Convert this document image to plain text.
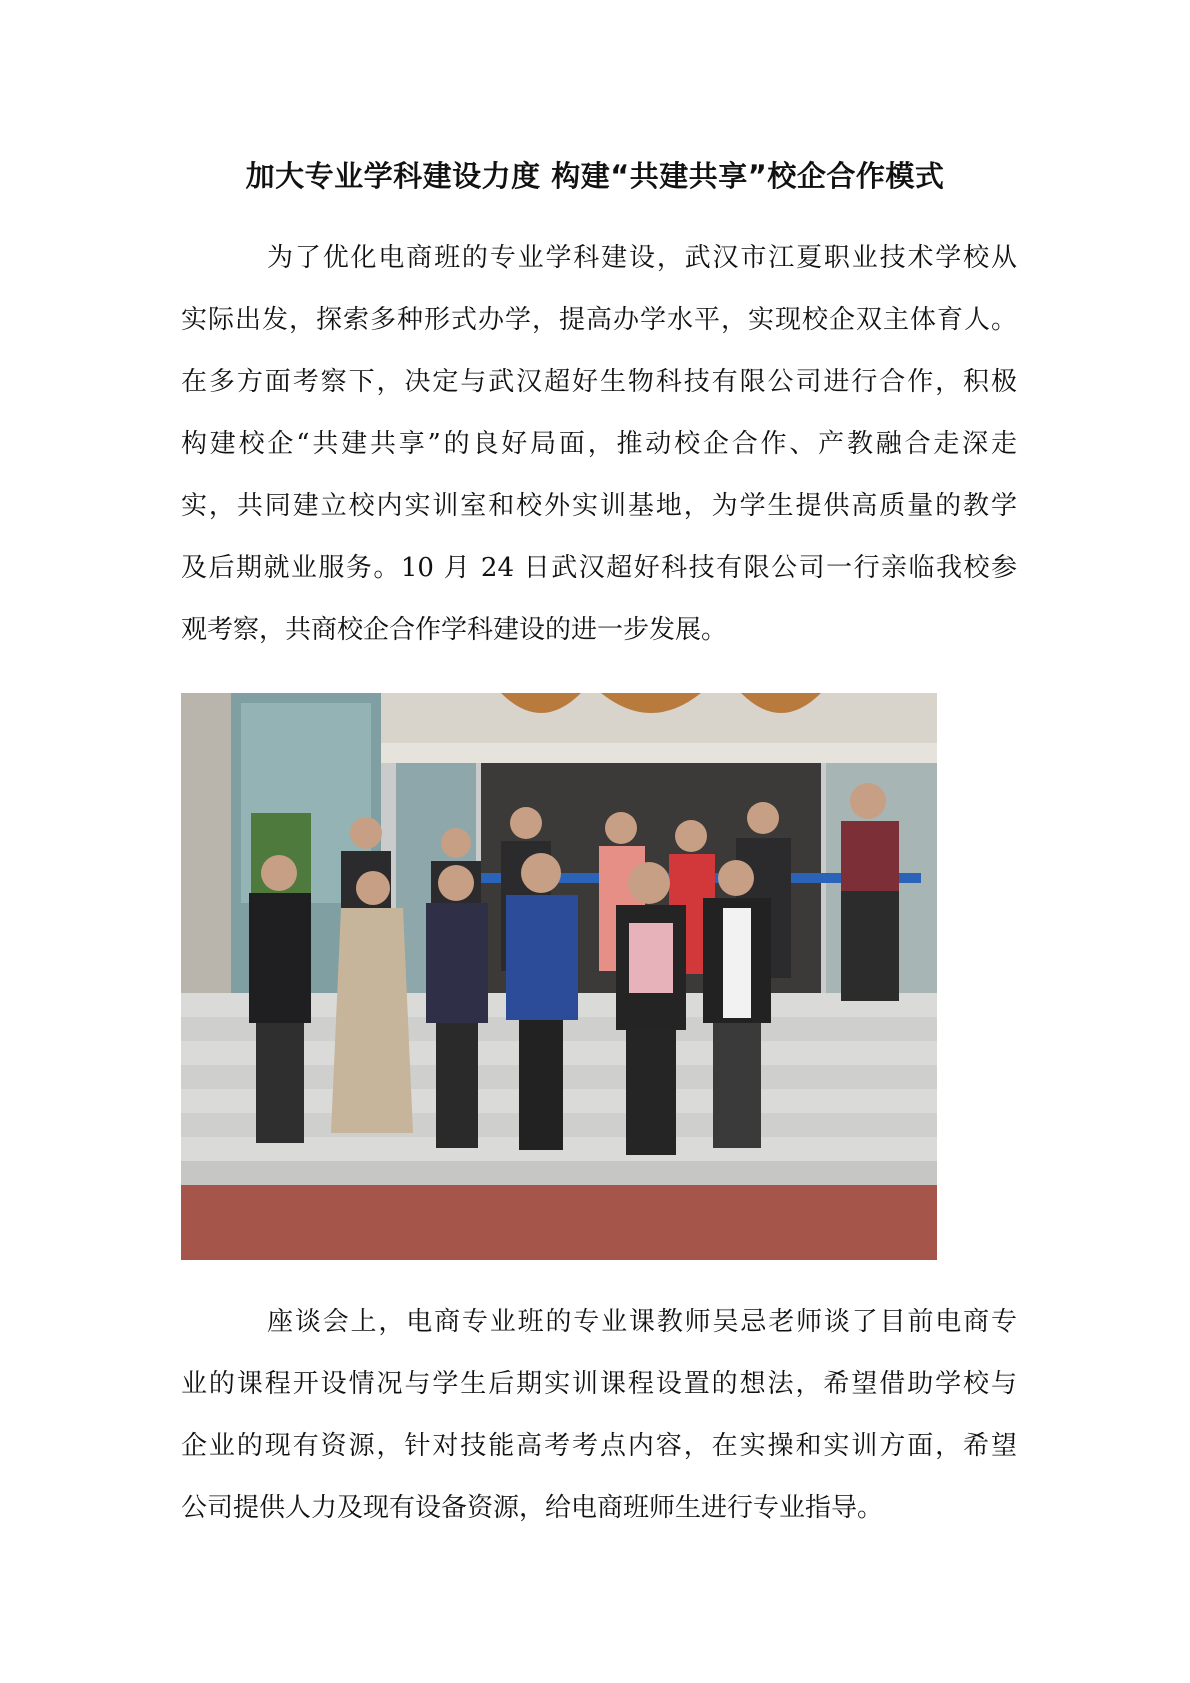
加大专业学科建设力度 构建“共建共享”校企合作模式
为了优化电商班的专业学科建设，武汉市江夏职业技术学校从
实际出发，探索多种形式办学，提高办学水平，实现校企双主体育人。
在多方面考察下，决定与武汉超好生物科技有限公司进行合作，积极
构建校企“共建共享”的良好局面，推动校企合作、产教融合走深走
实，共同建立校内实训室和校外实训基地，为学生提供高质量的教学
及后期就业服务。10 月 24 日武汉超好科技有限公司一行亲临我校参
观考察，共商校企合作学科建设的进一步发展。
座谈会上，电商专业班的专业课教师吴忌老师谈了目前电商专
业的课程开设情况与学生后期实训课程设置的想法，希望借助学校与
企业的现有资源，针对技能高考考点内容，在实操和实训方面，希望
公司提供人力及现有设备资源，给电商班师生进行专业指导。
